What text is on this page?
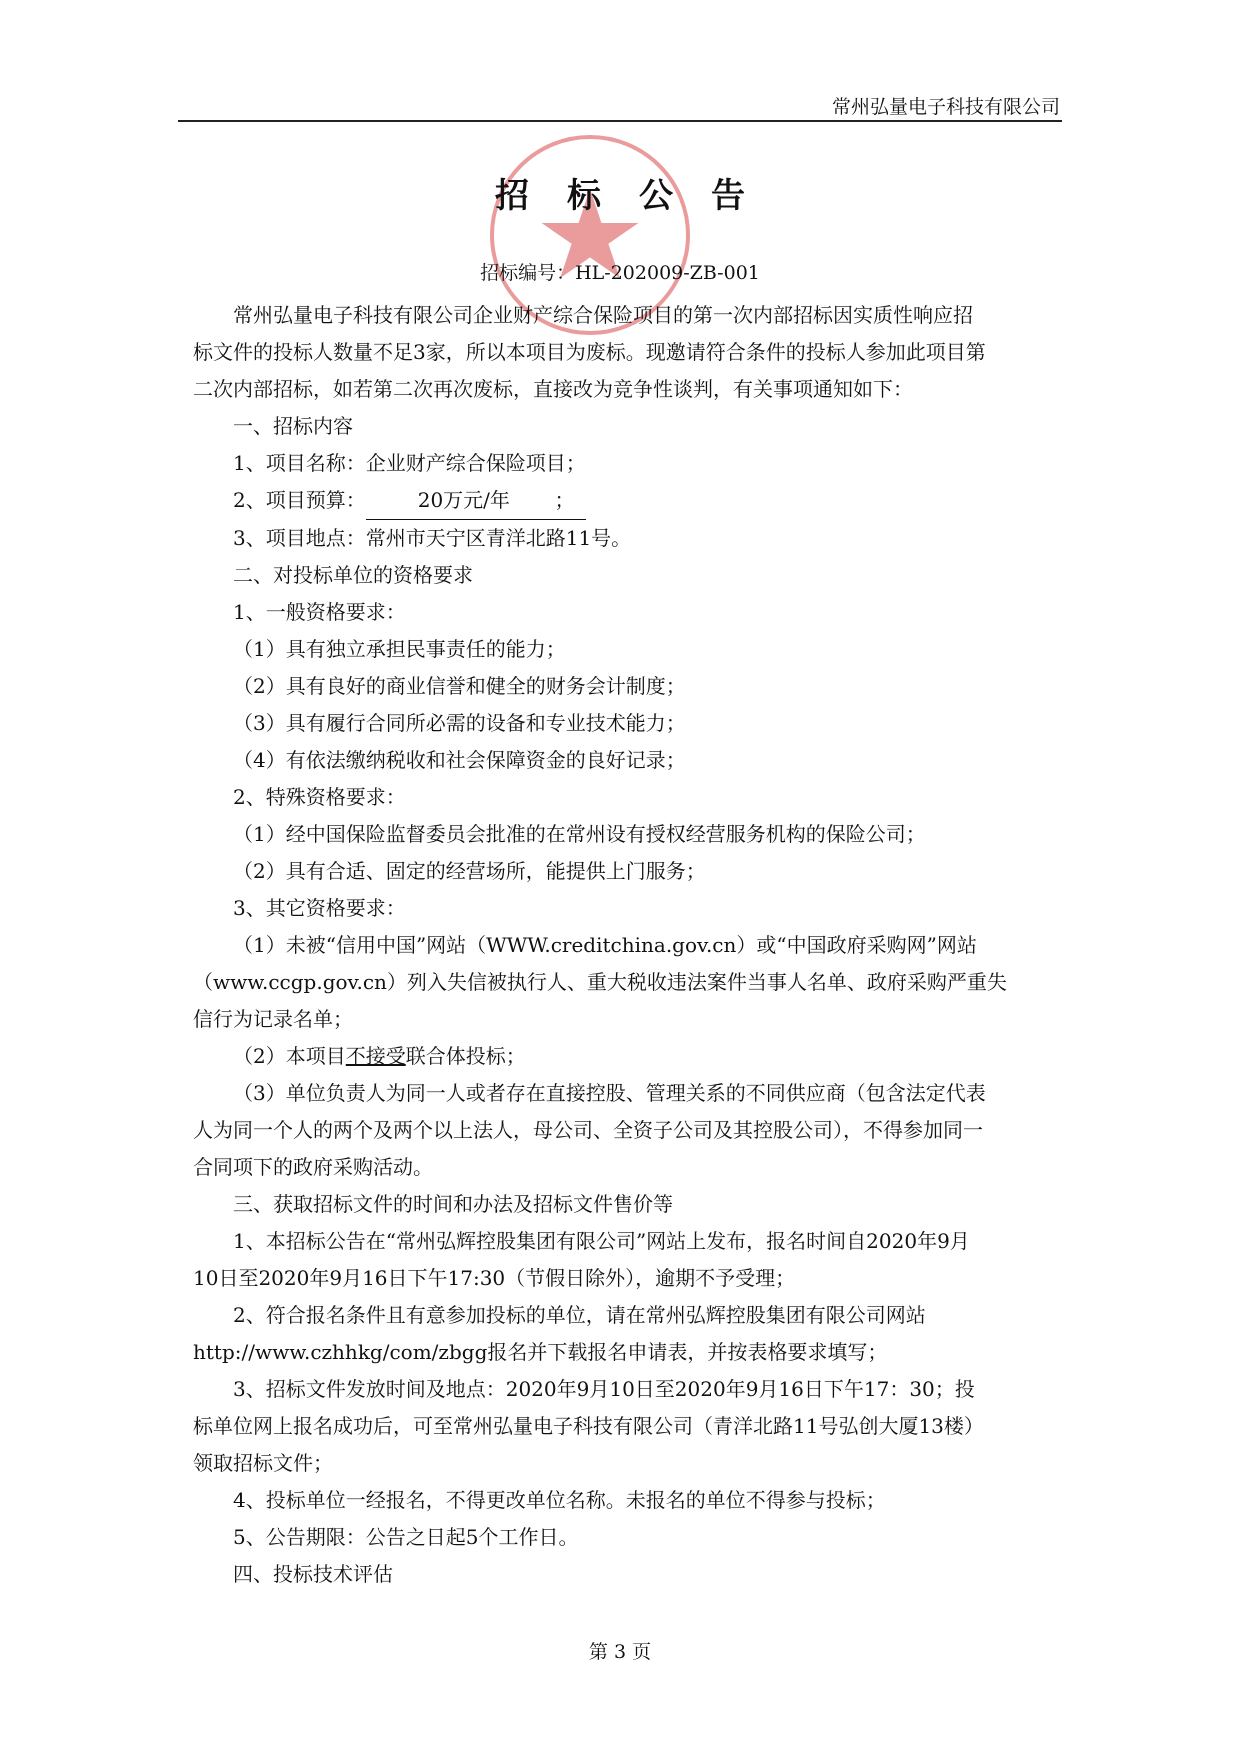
常州弘量电子科技有限公司
招标公告
招标编号：HL-202009-ZB-001

常州弘量电子科技有限公司企业财产综合保险项目的第一次内部招标因实质性响应招

标文件的投标人数量不足3家，所以本项目为废标。现邀请符合条件的投标人参加此项目第

二次内部招标，如若第二次再次废标，直接改为竞争性谈判，有关事项通知如下：

一、招标内容

1、项目名称：企业财产综合保险项目；

2、项目预算：	20万元/年 ；

3、项目地点：常州市天宁区青洋北路11号。

二、对投标单位的资格要求

1、一般资格要求：

（1）具有独立承担民事责任的能力；

（2）具有良好的商业信誉和健全的财务会计制度；

（3）具有履行合同所必需的设备和专业技术能力；

（4）有依法缴纳税收和社会保障资金的良好记录；

2、特殊资格要求：

（1）经中国保险监督委员会批准的在常州设有授权经营服务机构的保险公司；

（2）具有合适、固定的经营场所，能提供上门服务；

3、其它资格要求：

（1）未被“信用中国”网站（WWW.creditchina.gov.cn）或“中国政府采购网”网站

（www.ccgp.gov.cn）列入失信被执行人、重大税收违法案件当事人名单、政府采购严重失

信行为记录名单；

（2）本项目不接受联合体投标；

（3）单位负责人为同一人或者存在直接控股、管理关系的不同供应商（包含法定代表

人为同一个人的两个及两个以上法人，母公司、全资子公司及其控股公司），不得参加同一

合同项下的政府采购活动。

三、获取招标文件的时间和办法及招标文件售价等

1、本招标公告在“常州弘辉控股集团有限公司”网站上发布，报名时间自2020年9月

10日至2020年9月16日下午17:30（节假日除外），逾期不予受理；

2、符合报名条件且有意参加投标的单位，请在常州弘辉控股集团有限公司网站

http://www.czhhkg/com/zbgg报名并下载报名申请表，并按表格要求填写；

3、招标文件发放时间及地点：2020年9月10日至2020年9月16日下午17：30；投

标单位网上报名成功后，可至常州弘量电子科技有限公司（青洋北路11号弘创大厦13楼）

领取招标文件；

4、投标单位一经报名，不得更改单位名称。未报名的单位不得参与投标；

5、公告期限：公告之日起5个工作日。

四、投标技术评估

第 3 页
